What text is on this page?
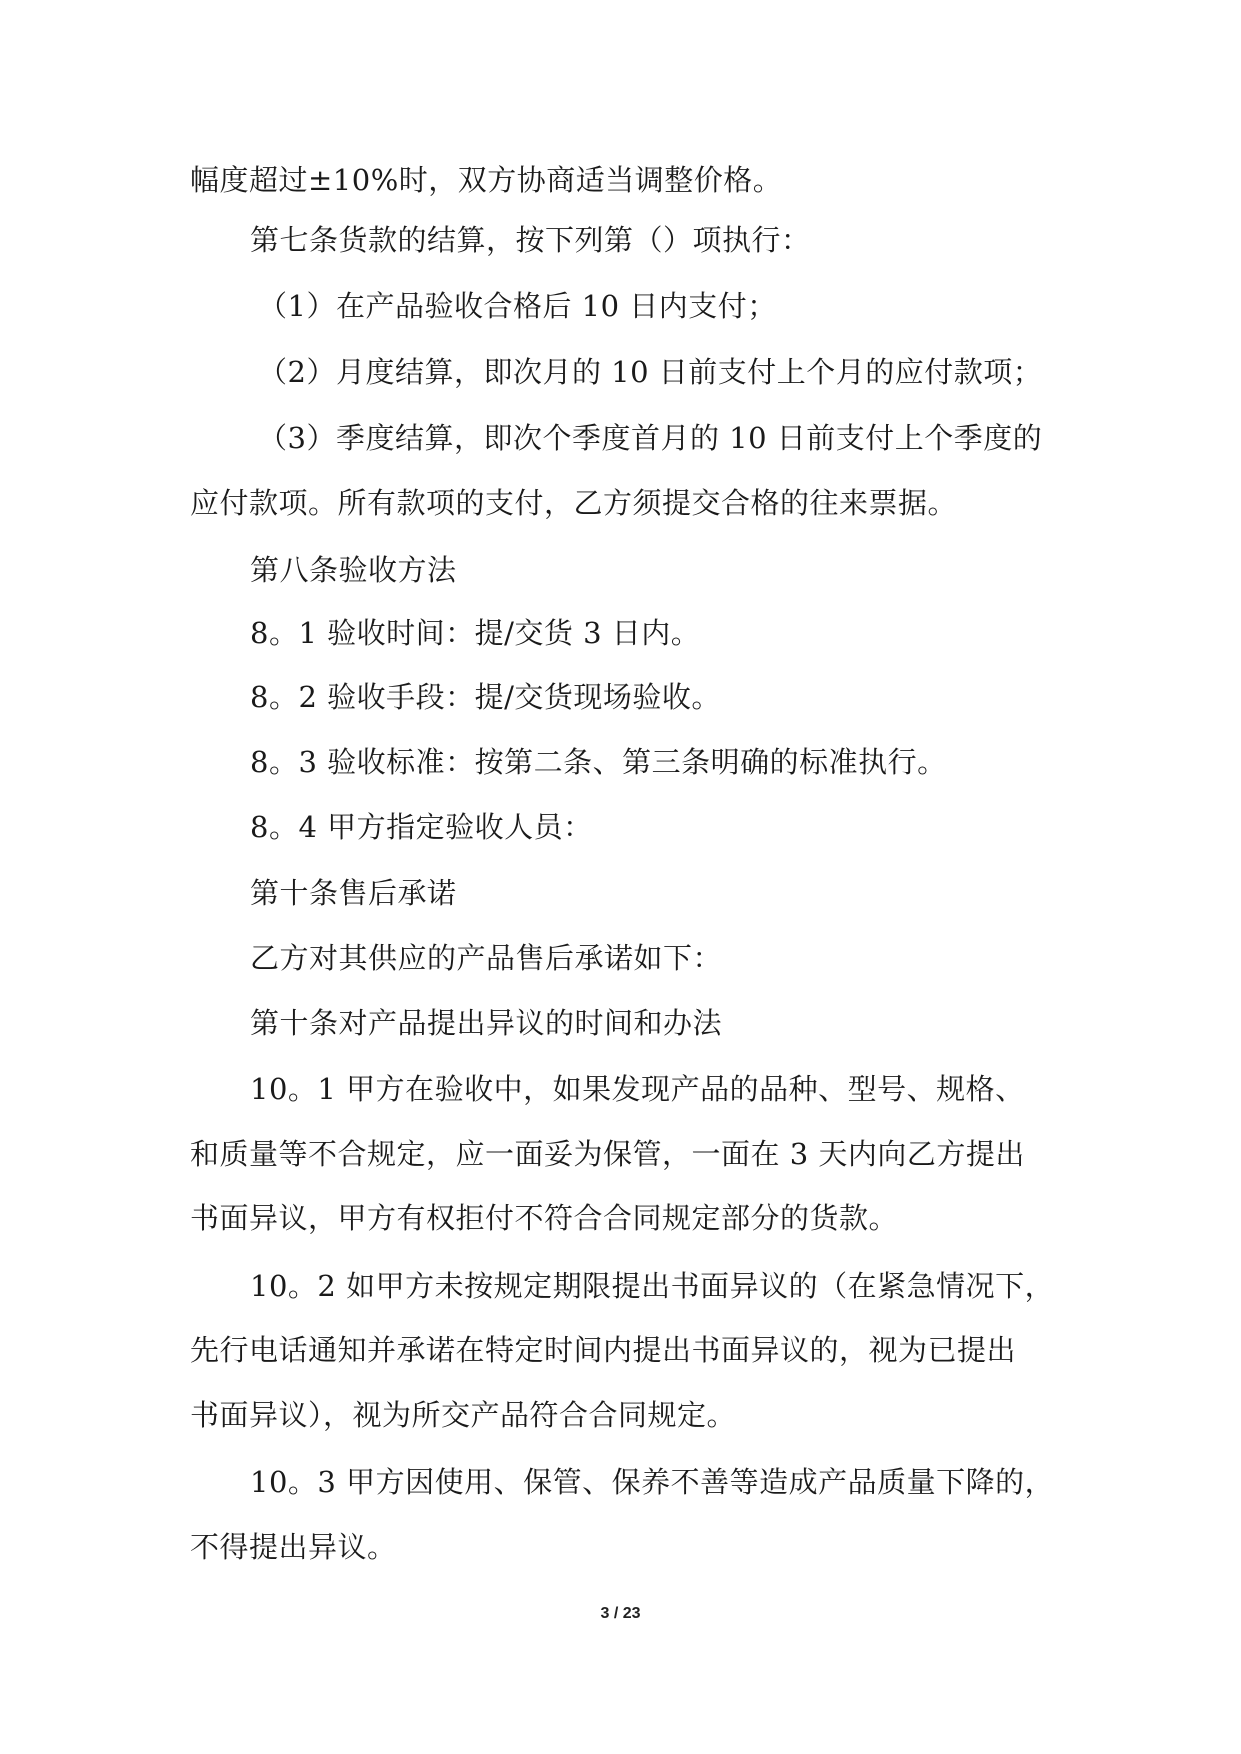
幅度超过±10%时，双方协商适当调整价格。
第七条货款的结算，按下列第（）项执行：
（1）在产品验收合格后 10 日内支付；
（2）月度结算，即次月的 10 日前支付上个月的应付款项；
（3）季度结算，即次个季度首月的 10 日前支付上个季度的
应付款项。所有款项的支付，乙方须提交合格的往来票据。
第八条验收方法
8。1 验收时间：提/交货 3 日内。
8。2 验收手段：提/交货现场验收。
8。3 验收标准：按第二条、第三条明确的标准执行。
8。4 甲方指定验收人员：
第十条售后承诺
乙方对其供应的产品售后承诺如下：
第十条对产品提出异议的时间和办法
10。1 甲方在验收中，如果发现产品的品种、型号、规格、
和质量等不合规定，应一面妥为保管，一面在 3 天内向乙方提出
书面异议，甲方有权拒付不符合合同规定部分的货款。
10。2 如甲方未按规定期限提出书面异议的（在紧急情况下，
先行电话通知并承诺在特定时间内提出书面异议的，视为已提出
书面异议），视为所交产品符合合同规定。
10。3 甲方因使用、保管、保养不善等造成产品质量下降的，
不得提出异议。
3 / 23
